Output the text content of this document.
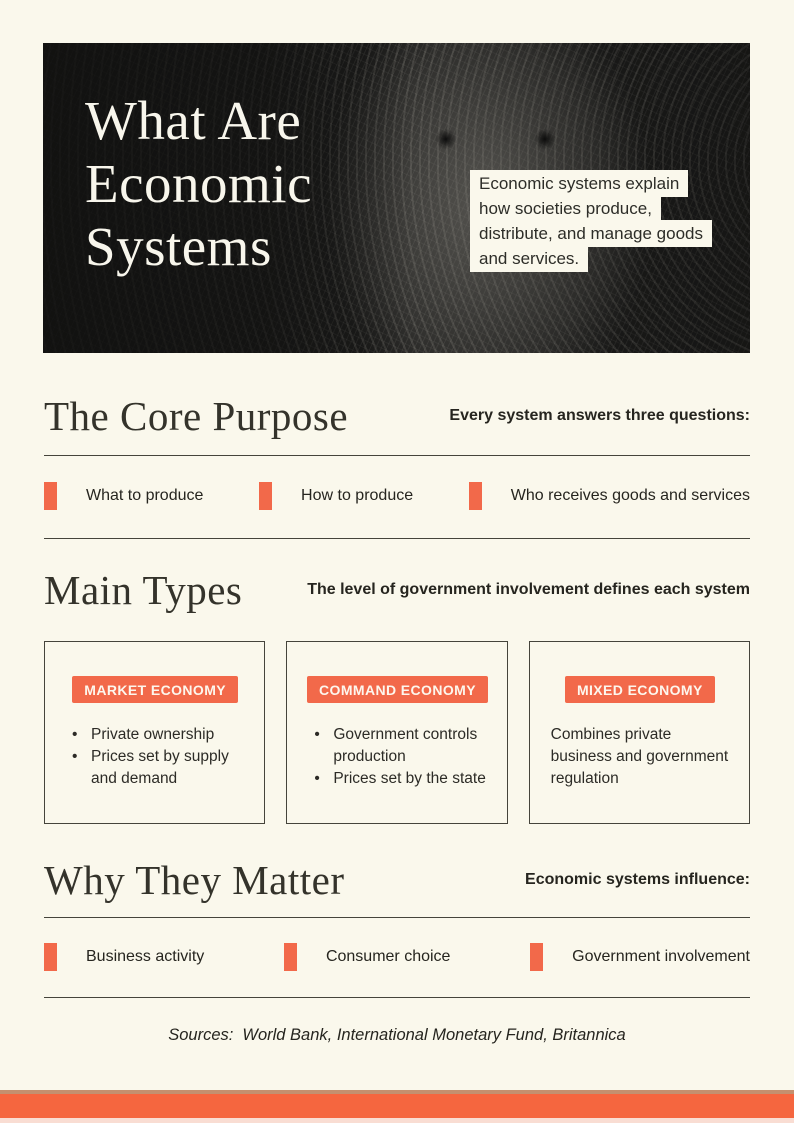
What Are
Economic
Systems

Economic systems explain how societies produce, distribute, and manage goods and services.

The Core Purpose	Every system answers three questions:
What to produce	How to produce	Who receives goods and services
Main Types	The level of government involvement defines each system
MARKET ECONOMY
• Private ownership
• Prices set by supply and demand
COMMAND ECONOMY
• Government controls production
• Prices set by the state
MIXED ECONOMY

Combines private business and government regulation

Why They Matter	Economic systems influence:
Business activity	Consumer choice	Government involvement

Sources: World Bank, International Monetary Fund, Britannica
